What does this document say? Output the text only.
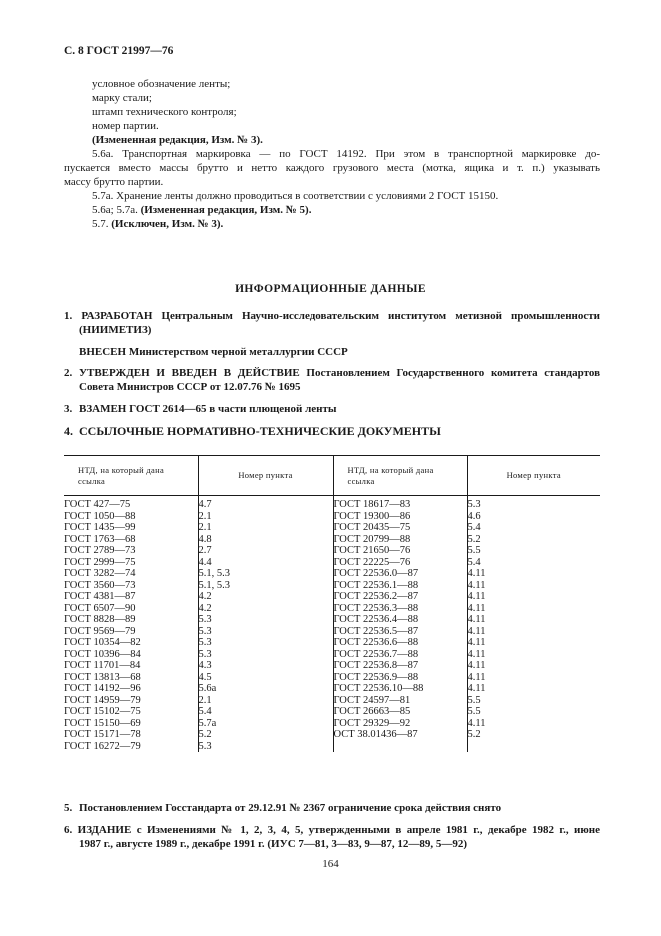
С. 8 ГОСТ 21997—76
условное обозначение ленты;
марку стали;
штамп технического контроля;
номер партии.
(Измененная редакция, Изм. № 3).
5.6а. Транспортная маркировка — по ГОСТ 14192. При этом в транспортной маркировке до-
пускается вместо массы брутто и нетто каждого грузового места (мотка, ящика и т. п.) указывать
массу брутто партии.
5.7а. Хранение ленты должно проводиться в соответствии с условиями 2 ГОСТ 15150.
5.6а; 5.7а. (Измененная редакция, Изм. № 5).
5.7. (Исключен, Изм. № 3).
ИНФОРМАЦИОННЫЕ ДАННЫЕ
1. РАЗРАБОТАН Центральным Научно-исследовательским институтом метизной промышленности
(НИИМЕТИЗ)
ВНЕСЕН Министерством черной металлургии СССР
2. УТВЕРЖДЕН И ВВЕДЕН В ДЕЙСТВИЕ Постановлением Государственного комитета стандартов
Совета Министров СССР от 12.07.76 № 1695
3. ВЗАМЕН ГОСТ 2614—65 в части плющеной ленты
4. ССЫЛОЧНЫЕ НОРМАТИВНО-ТЕХНИЧЕСКИЕ ДОКУМЕНТЫ
НТД, на который дана
ссылка	Номер пункта	НТД, на который дана
ссылка	Номер пункта
ГОСТ 427—75	4.7	ГОСТ 18617—83	5.3
ГОСТ 1050—88	2.1	ГОСТ 19300—86	4.6
ГОСТ 1435—99	2.1	ГОСТ 20435—75	5.4
ГОСТ 1763—68	4.8	ГОСТ 20799—88	5.2
ГОСТ 2789—73	2.7	ГОСТ 21650—76	5.5
ГОСТ 2999—75	4.4	ГОСТ 22225—76	5.4
ГОСТ 3282—74	5.1, 5.3	ГОСТ 22536.0—87	4.11
ГОСТ 3560—73	5.1, 5.3	ГОСТ 22536.1—88	4.11
ГОСТ 4381—87	4.2	ГОСТ 22536.2—87	4.11
ГОСТ 6507—90	4.2	ГОСТ 22536.3—88	4.11
ГОСТ 8828—89	5.3	ГОСТ 22536.4—88	4.11
ГОСТ 9569—79	5.3	ГОСТ 22536.5—87	4.11
ГОСТ 10354—82	5.3	ГОСТ 22536.6—88	4.11
ГОСТ 10396—84	5.3	ГОСТ 22536.7—88	4.11
ГОСТ 11701—84	4.3	ГОСТ 22536.8—87	4.11
ГОСТ 13813—68	4.5	ГОСТ 22536.9—88	4.11
ГОСТ 14192—96	5.6а	ГОСТ 22536.10—88	4.11
ГОСТ 14959—79	2.1	ГОСТ 24597—81	5.5
ГОСТ 15102—75	5.4	ГОСТ 26663—85	5.5
ГОСТ 15150—69	5.7а	ГОСТ 29329—92	4.11
ГОСТ 15171—78	5.2	ОСТ 38.01436—87	5.2
ГОСТ 16272—79	5.3		
5. Постановлением Госстандарта от 29.12.91 № 2367 ограничение срока действия снято
6. ИЗДАНИЕ с Изменениями № 1, 2, 3, 4, 5, утвержденными в апреле 1981 г., декабре 1982 г., июне
1987 г., августе 1989 г., декабре 1991 г. (ИУС 7—81, 3—83, 9—87, 12—89, 5—92)
164
